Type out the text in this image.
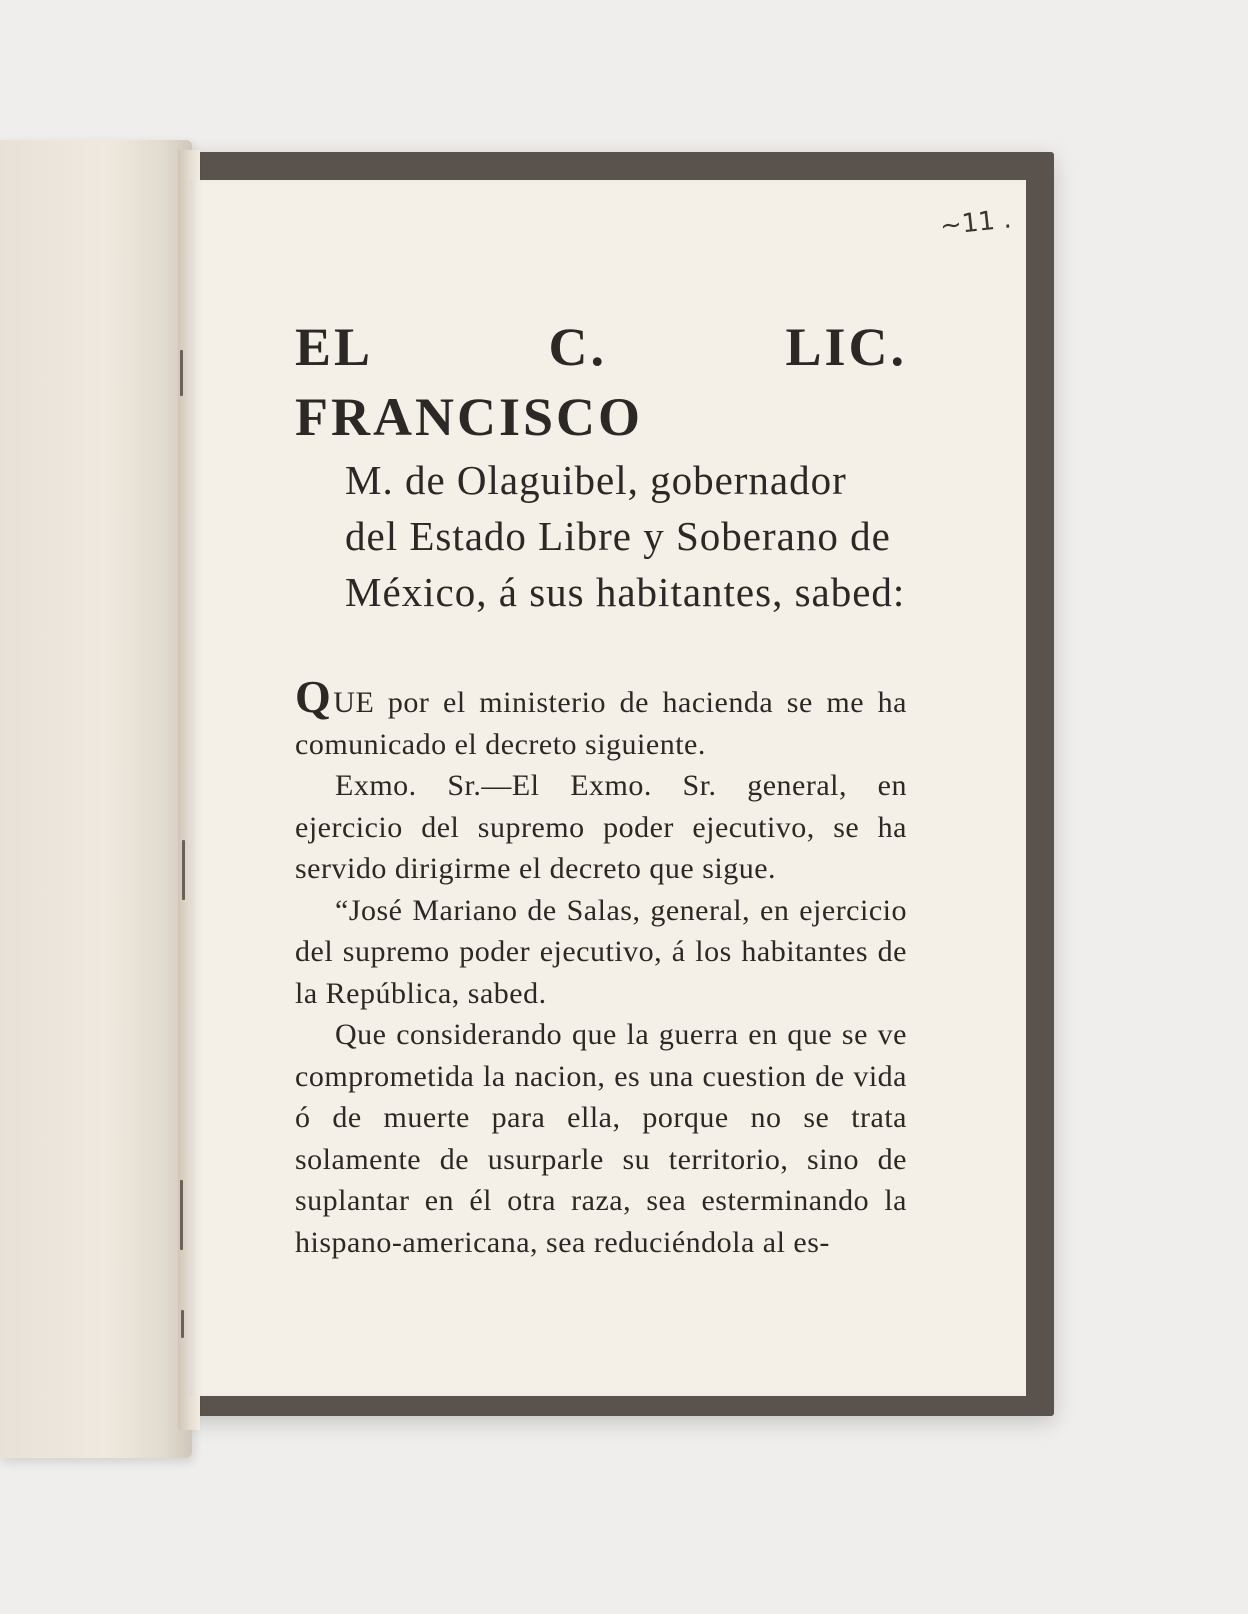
~11 .
EL C. LIC. FRANCISCO
M. de Olaguibel, gobernador del Estado Libre y Soberano de México, á sus habitantes, sabed:

QUE por el ministerio de hacienda se me ha comunicado el decreto siguiente.

Exmo. Sr.—El Exmo. Sr. general, en ejercicio del supremo poder ejecutivo, se ha servido dirigirme el decreto que sigue.

“José Mariano de Salas, general, en ejercicio del supremo poder ejecutivo, á los habitantes de la República, sabed.

Que considerando que la guerra en que se ve comprometida la nacion, es una cuestion de vida ó de muerte para ella, porque no se trata solamente de usurparle su territorio, sino de suplantar en él otra raza, sea esterminando la hispano-americana, sea reduciéndola al es-
